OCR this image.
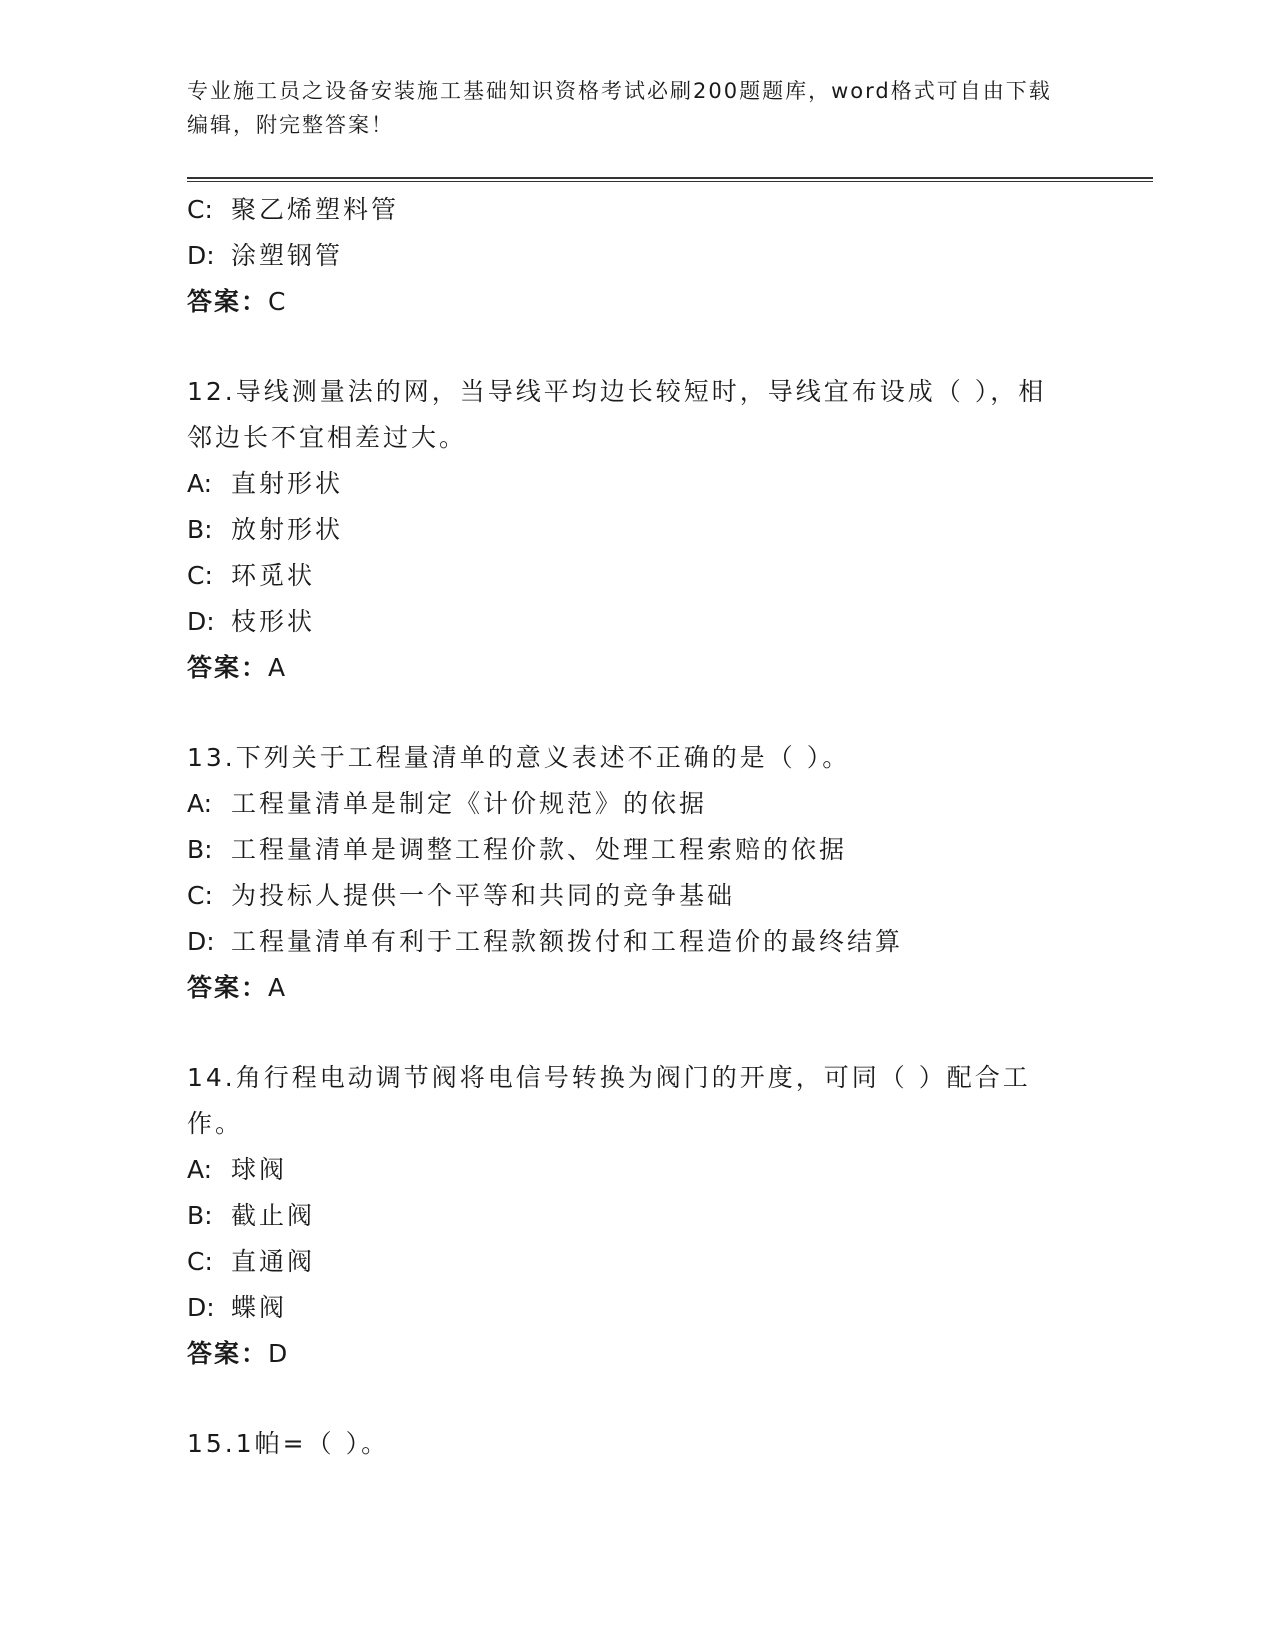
专业施工员之设备安装施工基础知识资格考试必刷200题题库，word格式可自由下载编辑，附完整答案！
C: 聚乙烯塑料管
D: 涂塑钢管
答案：C
12.导线测量法的网，当导线平均边长较短时，导线宜布设成（ ），相邻边长不宜相差过大。
A: 直射形状
B: 放射形状
C: 环觅状
D: 枝形状
答案：A
13.下列关于工程量清单的意义表述不正确的是（ ）。
A: 工程量清单是制定《计价规范》的依据
B: 工程量清单是调整工程价款、处理工程索赔的依据
C: 为投标人提供一个平等和共同的竞争基础
D: 工程量清单有利于工程款额拨付和工程造价的最终结算
答案：A
14.角行程电动调节阀将电信号转换为阀门的开度，可同（ ）配合工作。
A: 球阀
B: 截止阀
C: 直通阀
D: 蝶阀
答案：D
15.1帕=（ ）。
